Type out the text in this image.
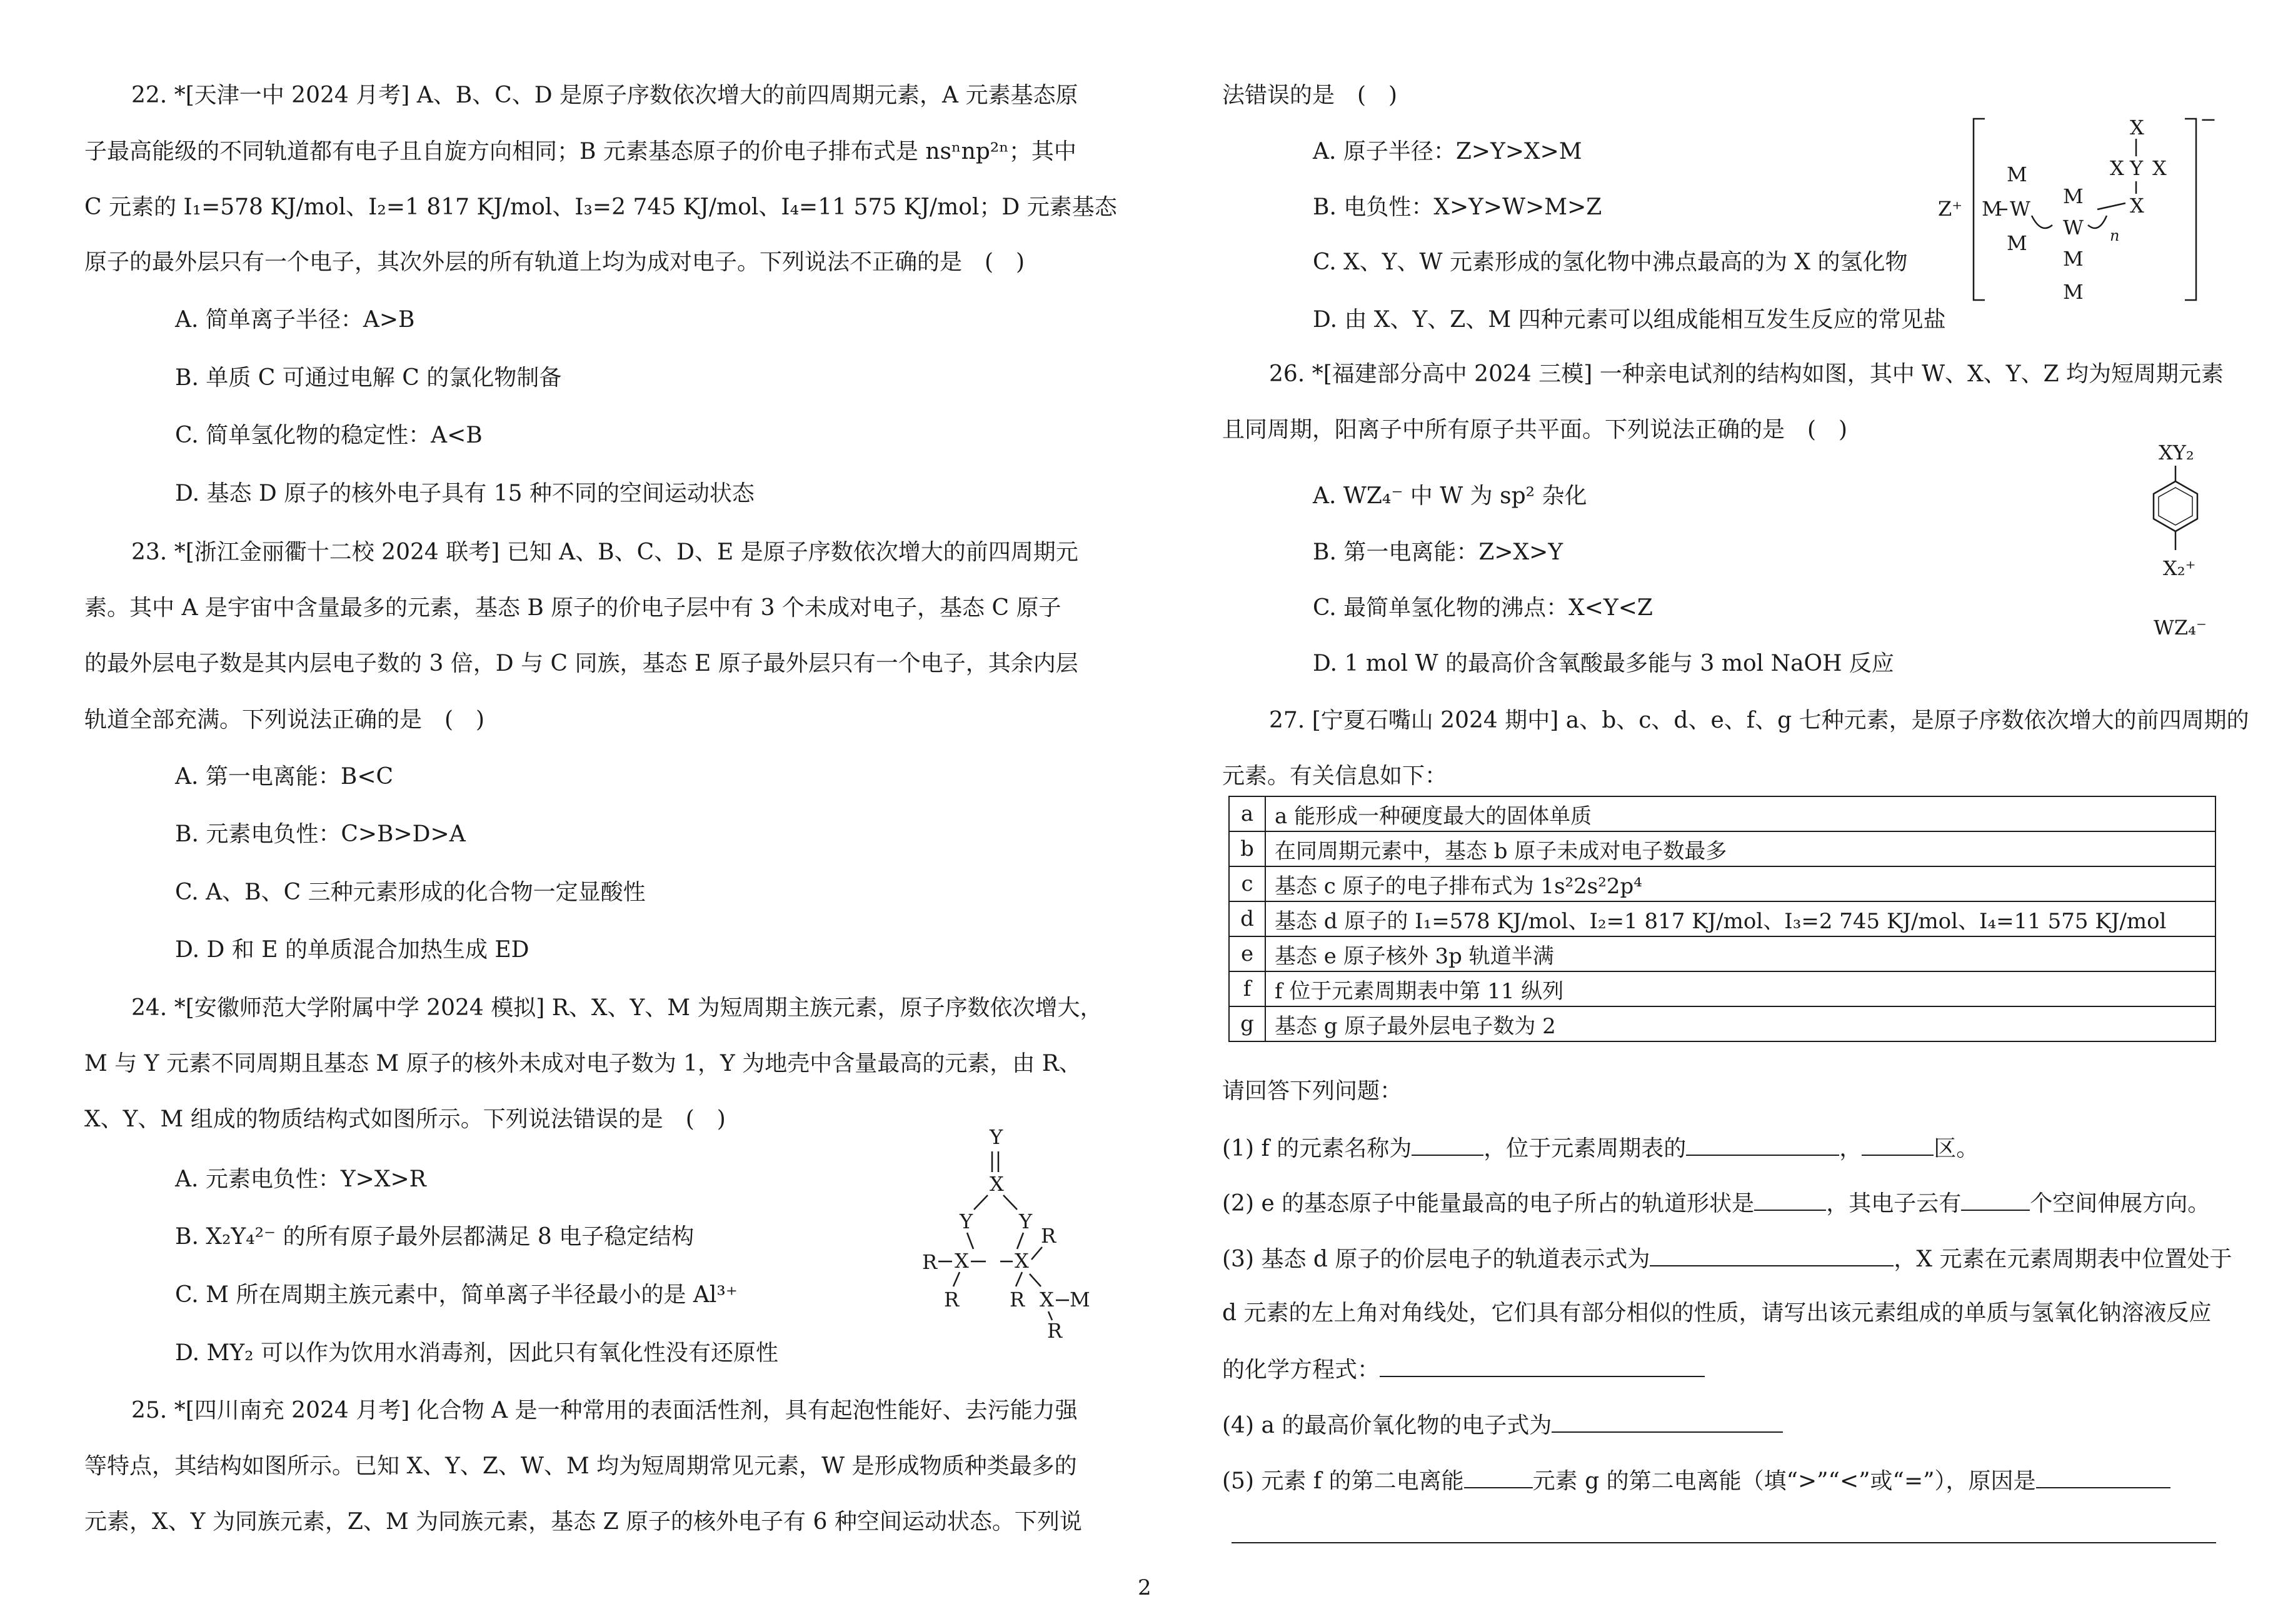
22. *[天津一中 2024 月考] A、B、C、D 是原子序数依次增大的前四周期元素，A 元素基态原
子最高能级的不同轨道都有电子且自旋方向相同；B 元素基态原子的价电子排布式是 nsⁿnp²ⁿ；其中
C 元素的 I₁=578 KJ/mol、I₂=1 817 KJ/mol、I₃=2 745 KJ/mol、I₄=11 575 KJ/mol；D 元素基态
原子的最外层只有一个电子，其次外层的所有轨道上均为成对电子。下列说法不正确的是　(　)
A. 简单离子半径：A>B
B. 单质 C 可通过电解 C 的氯化物制备
C. 简单氢化物的稳定性：A<B
D. 基态 D 原子的核外电子具有 15 种不同的空间运动状态
23. *[浙江金丽衢十二校 2024 联考] 已知 A、B、C、D、E 是原子序数依次增大的前四周期元
素。其中 A 是宇宙中含量最多的元素，基态 B 原子的价电子层中有 3 个未成对电子，基态 C 原子
的最外层电子数是其内层电子数的 3 倍，D 与 C 同族，基态 E 原子最外层只有一个电子，其余内层
轨道全部充满。下列说法正确的是　(　)
A. 第一电离能：B<C
B. 元素电负性：C>B>D>A
C. A、B、C 三种元素形成的化合物一定显酸性
D. D 和 E 的单质混合加热生成 ED
24. *[安徽师范大学附属中学 2024 模拟] R、X、Y、M 为短周期主族元素，原子序数依次增大，
M 与 Y 元素不同周期且基态 M 原子的核外未成对电子数为 1，Y 为地壳中含量最高的元素，由 R、
X、Y、M 组成的物质结构式如图所示。下列说法错误的是　(　)
A. 元素电负性：Y>X>R
B. X₂Y₄²⁻ 的所有原子最外层都满足 8 电子稳定结构
C. M 所在周期主族元素中，简单离子半径最小的是 Al³⁺
D. MY₂ 可以作为饮用水消毒剂，因此只有氧化性没有还原性
Y
X
Y Y
R X X
R
R	R X M
R
25. *[四川南充 2024 月考] 化合物 A 是一种常用的表面活性剂，具有起泡性能好、去污能力强
等特点，其结构如图所示。已知 X、Y、Z、W、M 均为短周期常见元素，W 是形成物质种类最多的
元素，X、Y 为同族元素，Z、M 为同族元素，基态 Z 原子的核外电子有 6 种空间运动状态。下列说
法错误的是　(　)
A. 原子半径：Z>Y>X>M
B. 电负性：X>Y>W>M>Z
C. X、Y、W 元素形成的氢化物中沸点最高的为 X 的氢化物
D. 由 X、Y、Z、M 四种元素可以组成能相互发生反应的常见盐
Z⁺
−
M
M W
M
M
W
M
M
n
X
X Y X
X
26. *[福建部分高中 2024 三模] 一种亲电试剂的结构如图，其中 W、X、Y、Z 均为短周期元素
且同周期，阳离子中所有原子共平面。下列说法正确的是　(　)
A. WZ₄⁻ 中 W 为 sp² 杂化
B. 第一电离能：Z>X>Y
C. 最简单氢化物的沸点：X<Y<Z
D. 1 mol W 的最高价含氧酸最多能与 3 mol NaOH 反应
XY₂
X₂⁺
WZ₄⁻
27. [宁夏石嘴山 2024 期中] a、b、c、d、e、f、g 七种元素，是原子序数依次增大的前四周期的
元素。有关信息如下：
a	a 能形成一种硬度最大的固体单质
b	在同周期元素中，基态 b 原子未成对电子数最多
c	基态 c 原子的电子排布式为 1s²2s²2p⁴
d	基态 d 原子的 I₁=578 KJ/mol、I₂=1 817 KJ/mol、I₃=2 745 KJ/mol、I₄=11 575 KJ/mol
e	基态 e 原子核外 3p 轨道半满
f	f 位于元素周期表中第 11 纵列
g	基态 g 原子最外层电子数为 2
请回答下列问题：
(1) f 的元素名称为	，位于元素周期表的	，	区。
(2) e 的基态原子中能量最高的电子所占的轨道形状是	，其电子云有	个空间伸展方向。
(3) 基态 d 原子的价层电子的轨道表示式为	，X 元素在元素周期表中位置处于
d 元素的左上角对角线处，它们具有部分相似的性质，请写出该元素组成的单质与氢氧化钠溶液反应
的化学方程式：
(4) a 的最高价氧化物的电子式为
(5) 元素 f 的第二电离能	元素 g 的第二电离能（填“>”“<”或“=”），原因是
2
